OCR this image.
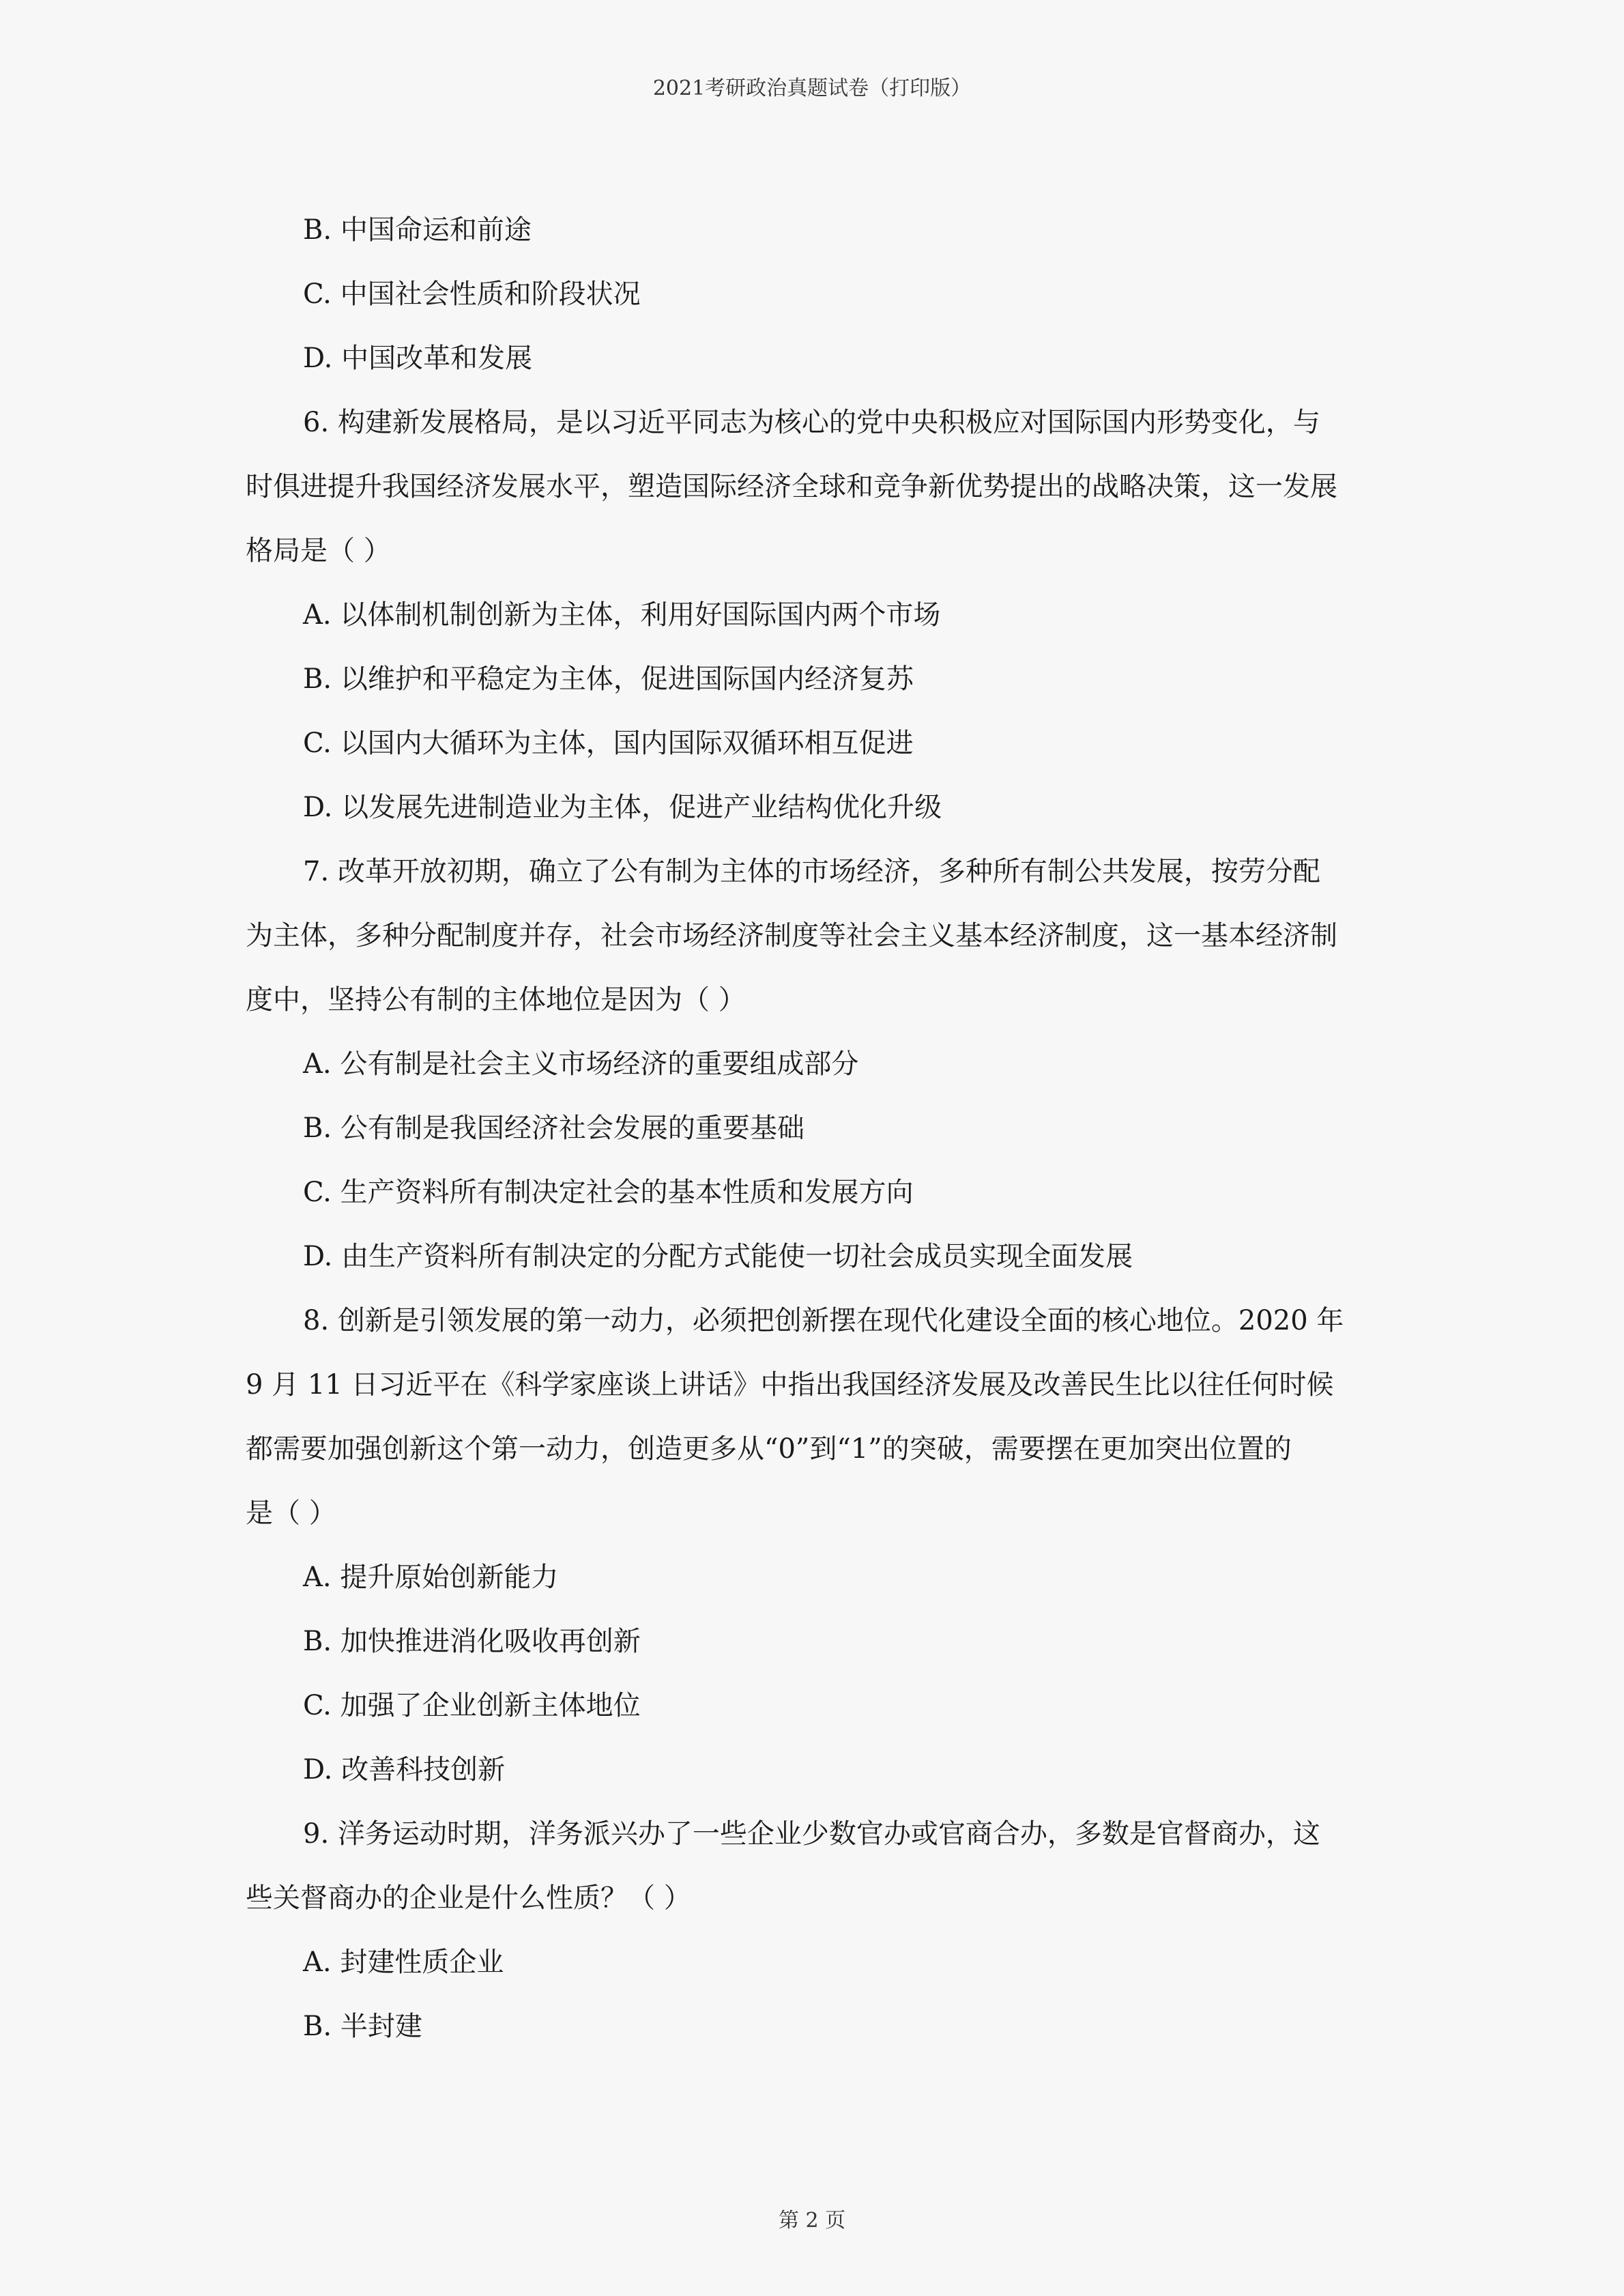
2021考研政治真题试卷（打印版）
B. 中国命运和前途
C. 中国社会性质和阶段状况
D. 中国改革和发展
6. 构建新发展格局，是以习近平同志为核心的党中央积极应对国际国内形势变化，与
时俱进提升我国经济发展水平，塑造国际经济全球和竞争新优势提出的战略决策，这一发展
格局是（ ）
A. 以体制机制创新为主体，利用好国际国内两个市场
B. 以维护和平稳定为主体，促进国际国内经济复苏
C. 以国内大循环为主体，国内国际双循环相互促进
D. 以发展先进制造业为主体，促进产业结构优化升级
7. 改革开放初期，确立了公有制为主体的市场经济，多种所有制公共发展，按劳分配
为主体，多种分配制度并存，社会市场经济制度等社会主义基本经济制度，这一基本经济制
度中，坚持公有制的主体地位是因为（ ）
A. 公有制是社会主义市场经济的重要组成部分
B. 公有制是我国经济社会发展的重要基础
C. 生产资料所有制决定社会的基本性质和发展方向
D. 由生产资料所有制决定的分配方式能使一切社会成员实现全面发展
8. 创新是引领发展的第一动力，必须把创新摆在现代化建设全面的核心地位。2020 年
9 月 11 日习近平在《科学家座谈上讲话》中指出我国经济发展及改善民生比以往任何时候
都需要加强创新这个第一动力，创造更多从“0”到“1”的突破，需要摆在更加突出位置的
是（ ）
A. 提升原始创新能力
B. 加快推进消化吸收再创新
C. 加强了企业创新主体地位
D. 改善科技创新
9. 洋务运动时期，洋务派兴办了一些企业少数官办或官商合办，多数是官督商办，这
些关督商办的企业是什么性质？（ ）
A. 封建性质企业
B. 半封建
第 2 页
